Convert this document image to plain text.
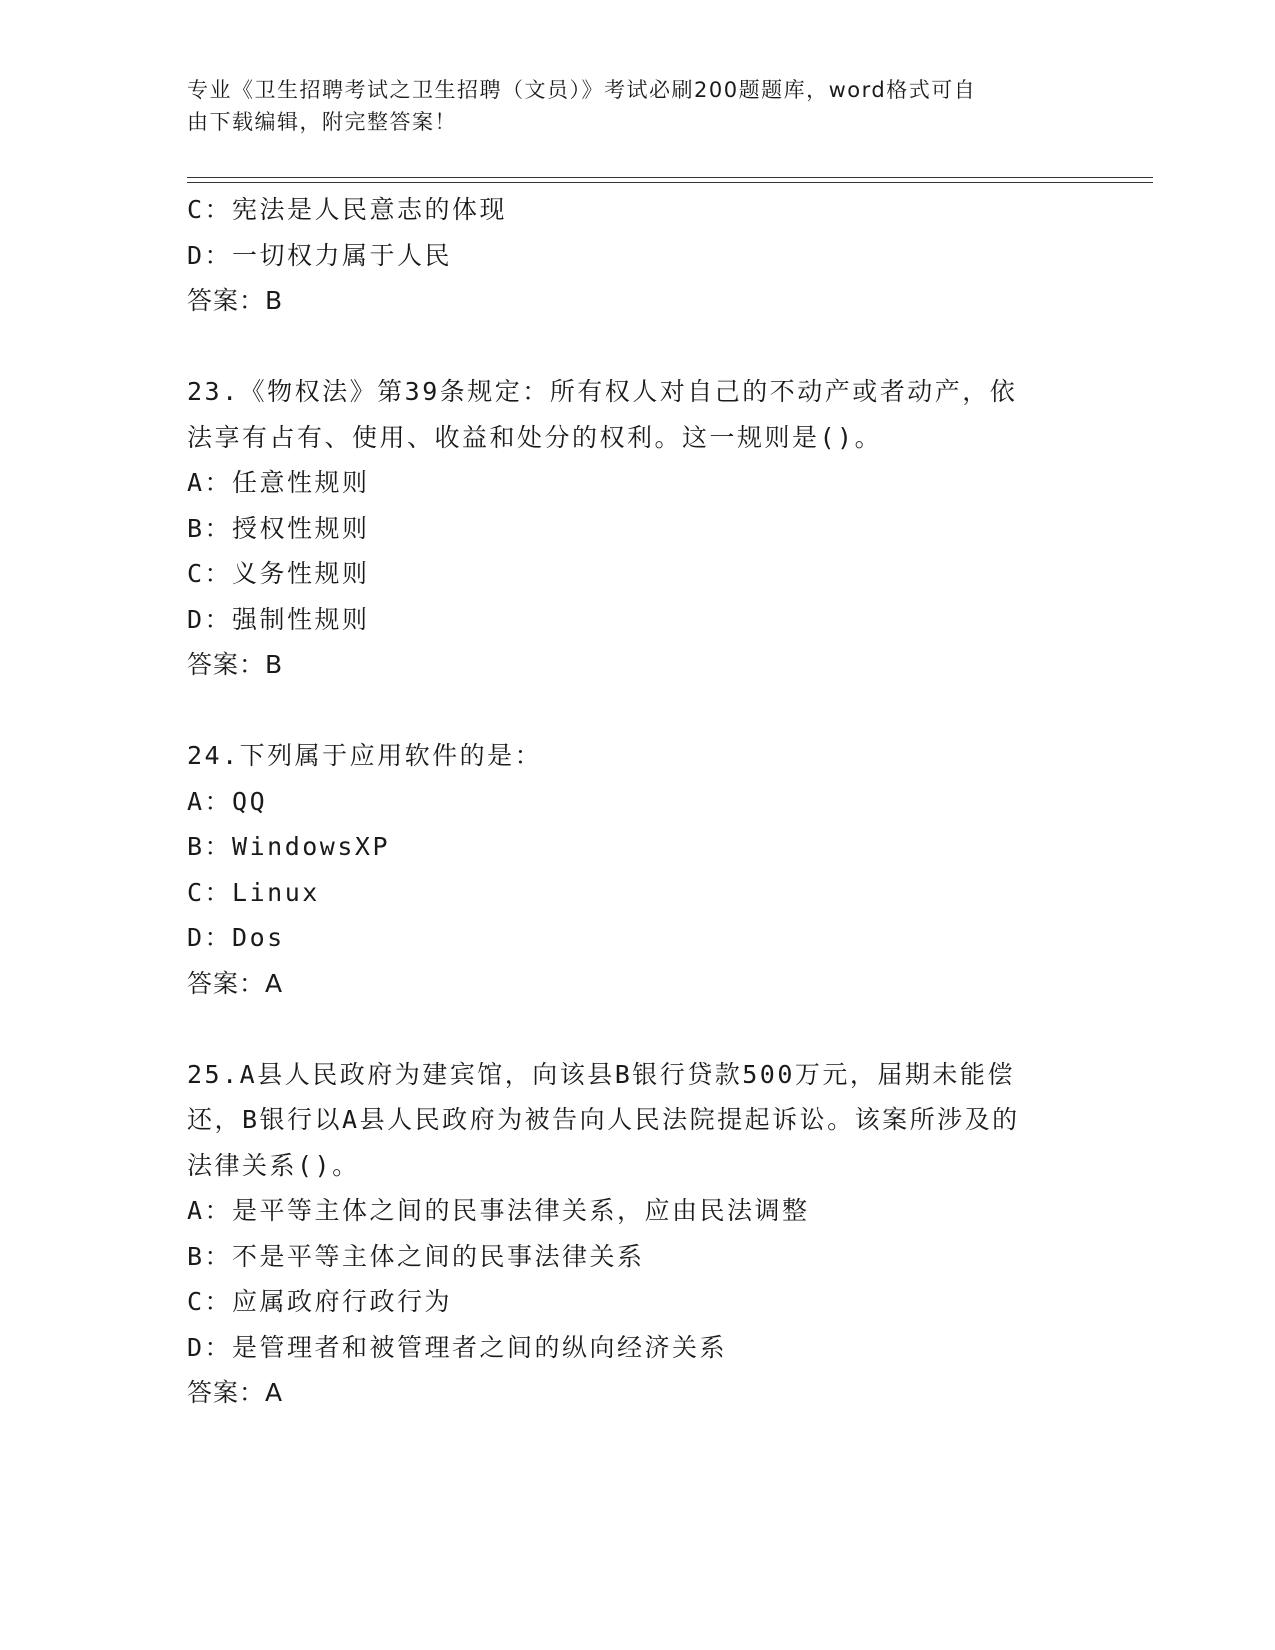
专业《卫生招聘考试之卫生招聘（文员）》考试必刷200题题库，word格式可自
由下载编辑，附完整答案！
C：宪法是人民意志的体现
D：一切权力属于人民
答案：B
23.《物权法》第39条规定：所有权人对自己的不动产或者动产，依
法享有占有、使用、收益和处分的权利。这一规则是()。
A：任意性规则
B：授权性规则
C：义务性规则
D：强制性规则
答案：B
24.下列属于应用软件的是：
A：QQ
B：WindowsXP
C：Linux
D：Dos
答案：A
25.A县人民政府为建宾馆，向该县B银行贷款500万元，届期未能偿
还，B银行以A县人民政府为被告向人民法院提起诉讼。该案所涉及的
法律关系()。
A：是平等主体之间的民事法律关系，应由民法调整
B：不是平等主体之间的民事法律关系
C：应属政府行政行为
D：是管理者和被管理者之间的纵向经济关系
答案：A
